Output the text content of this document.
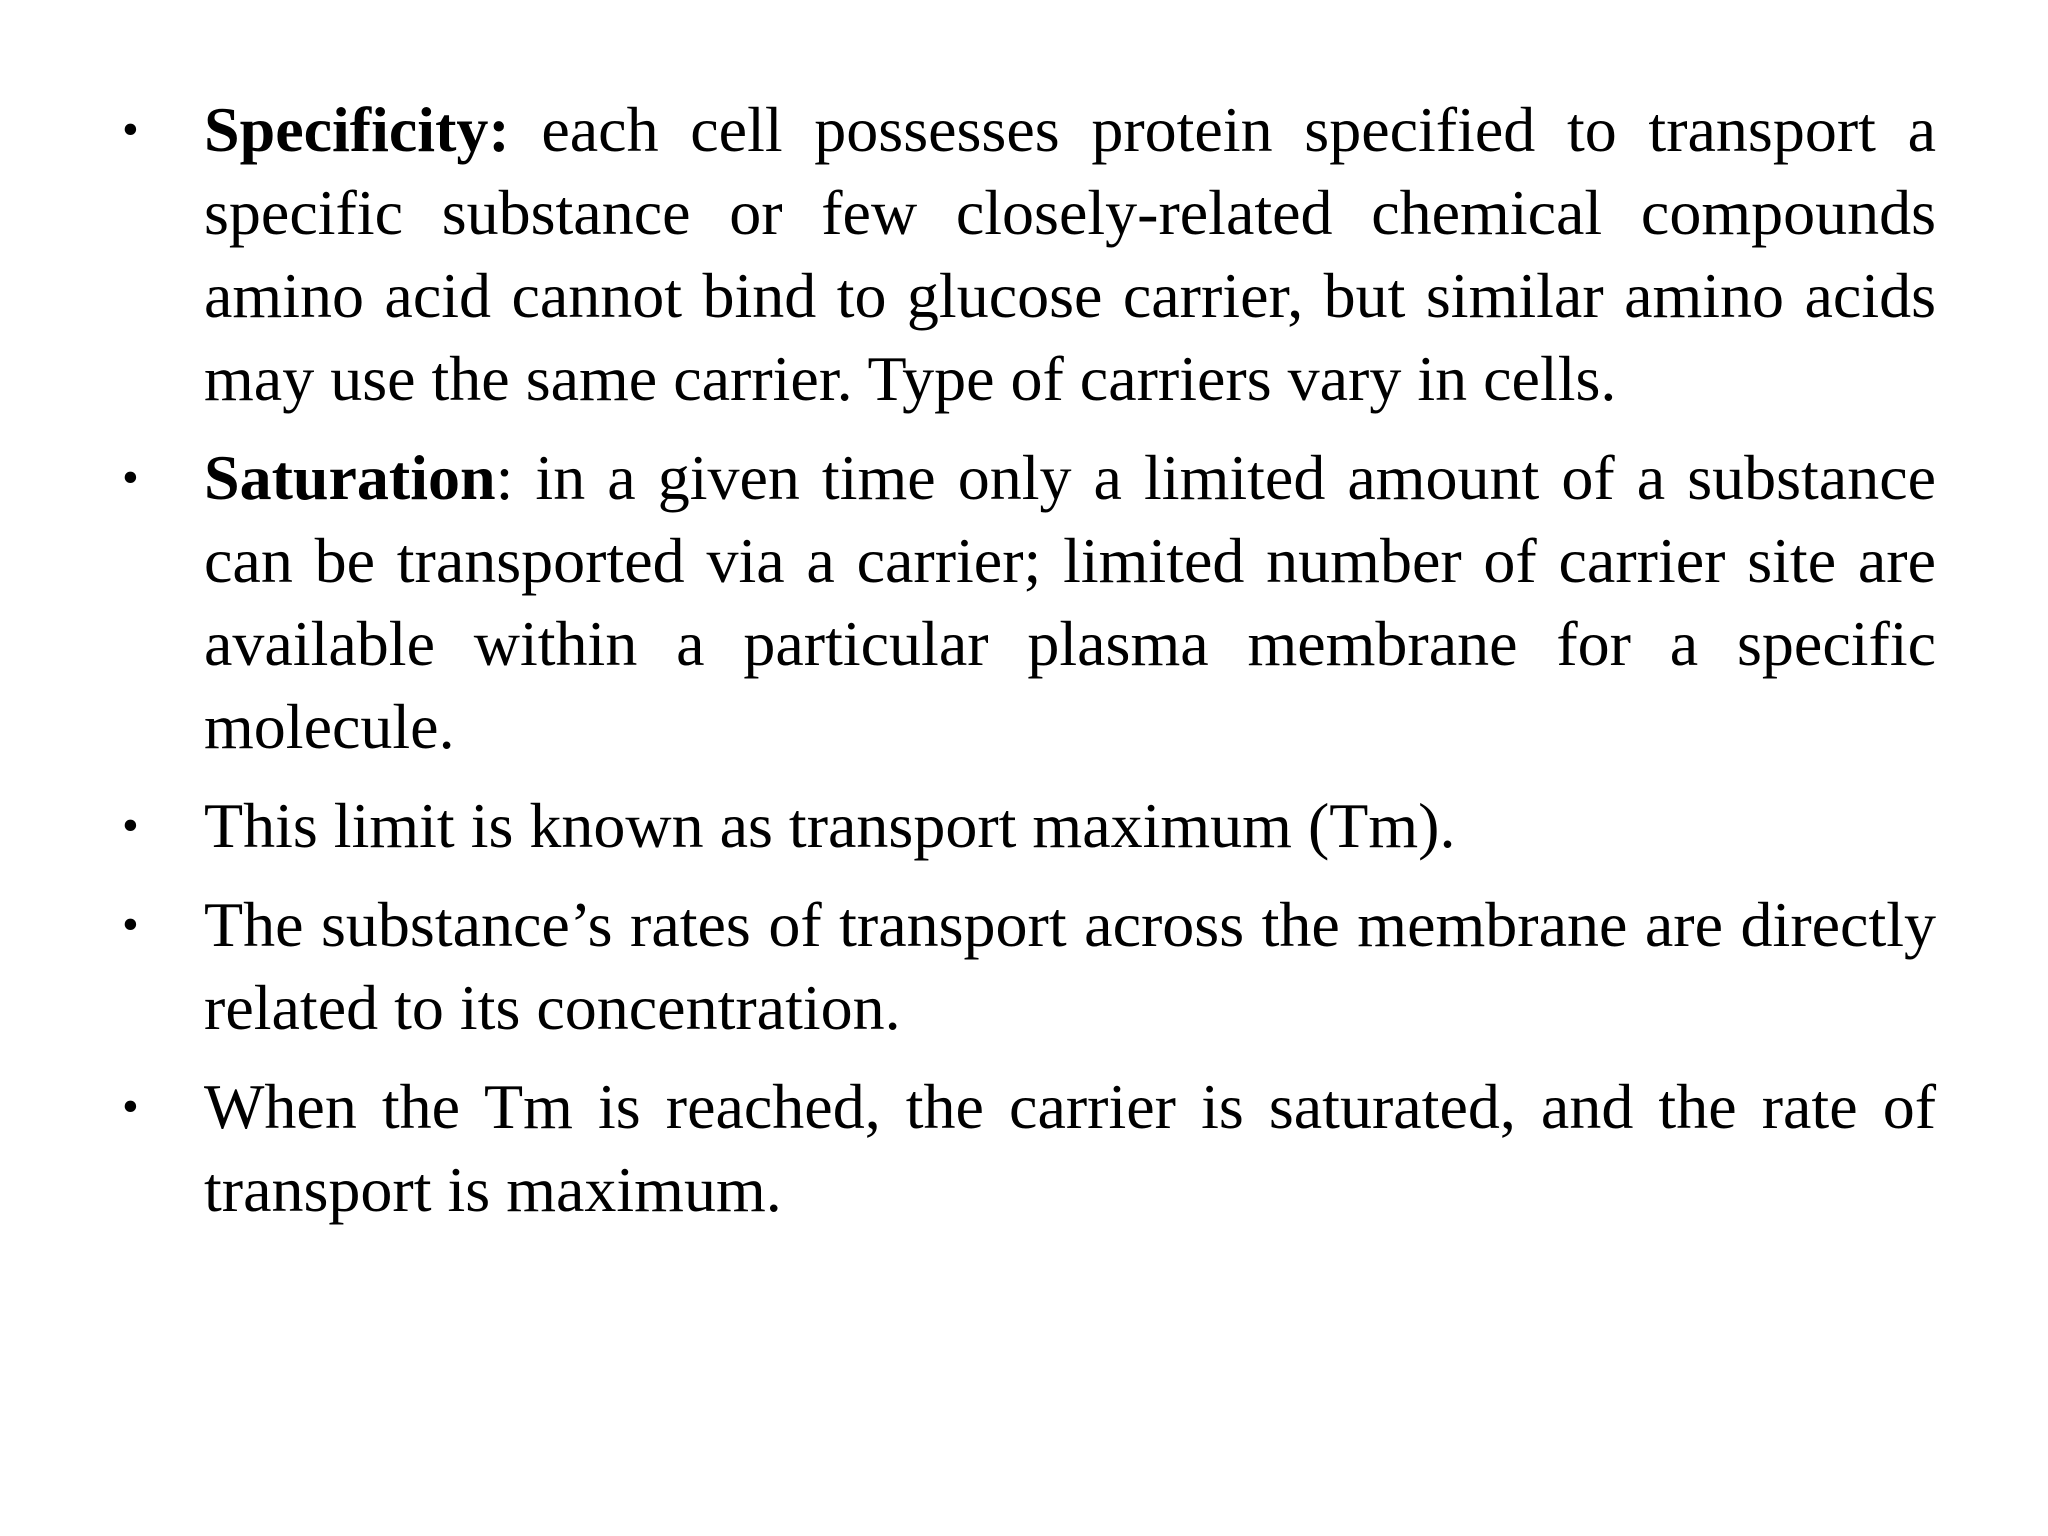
•	Specificity: each cell possesses protein specified to transport a specific substance or few closely-related chemical compounds amino acid cannot bind to glucose carrier, but similar amino acids may use the same carrier. Type of carriers vary in cells.
•	Saturation: in a given time only a limited amount of a substance can be transported via a carrier; limited number of carrier site are available within a particular plasma membrane for a specific molecule.
•	This limit is known as transport maximum (Tm).
•	The substance’s rates of transport across the membrane are directly related to its concentration.
•	When the Tm is reached, the carrier is saturated, and the rate of transport is maximum.
